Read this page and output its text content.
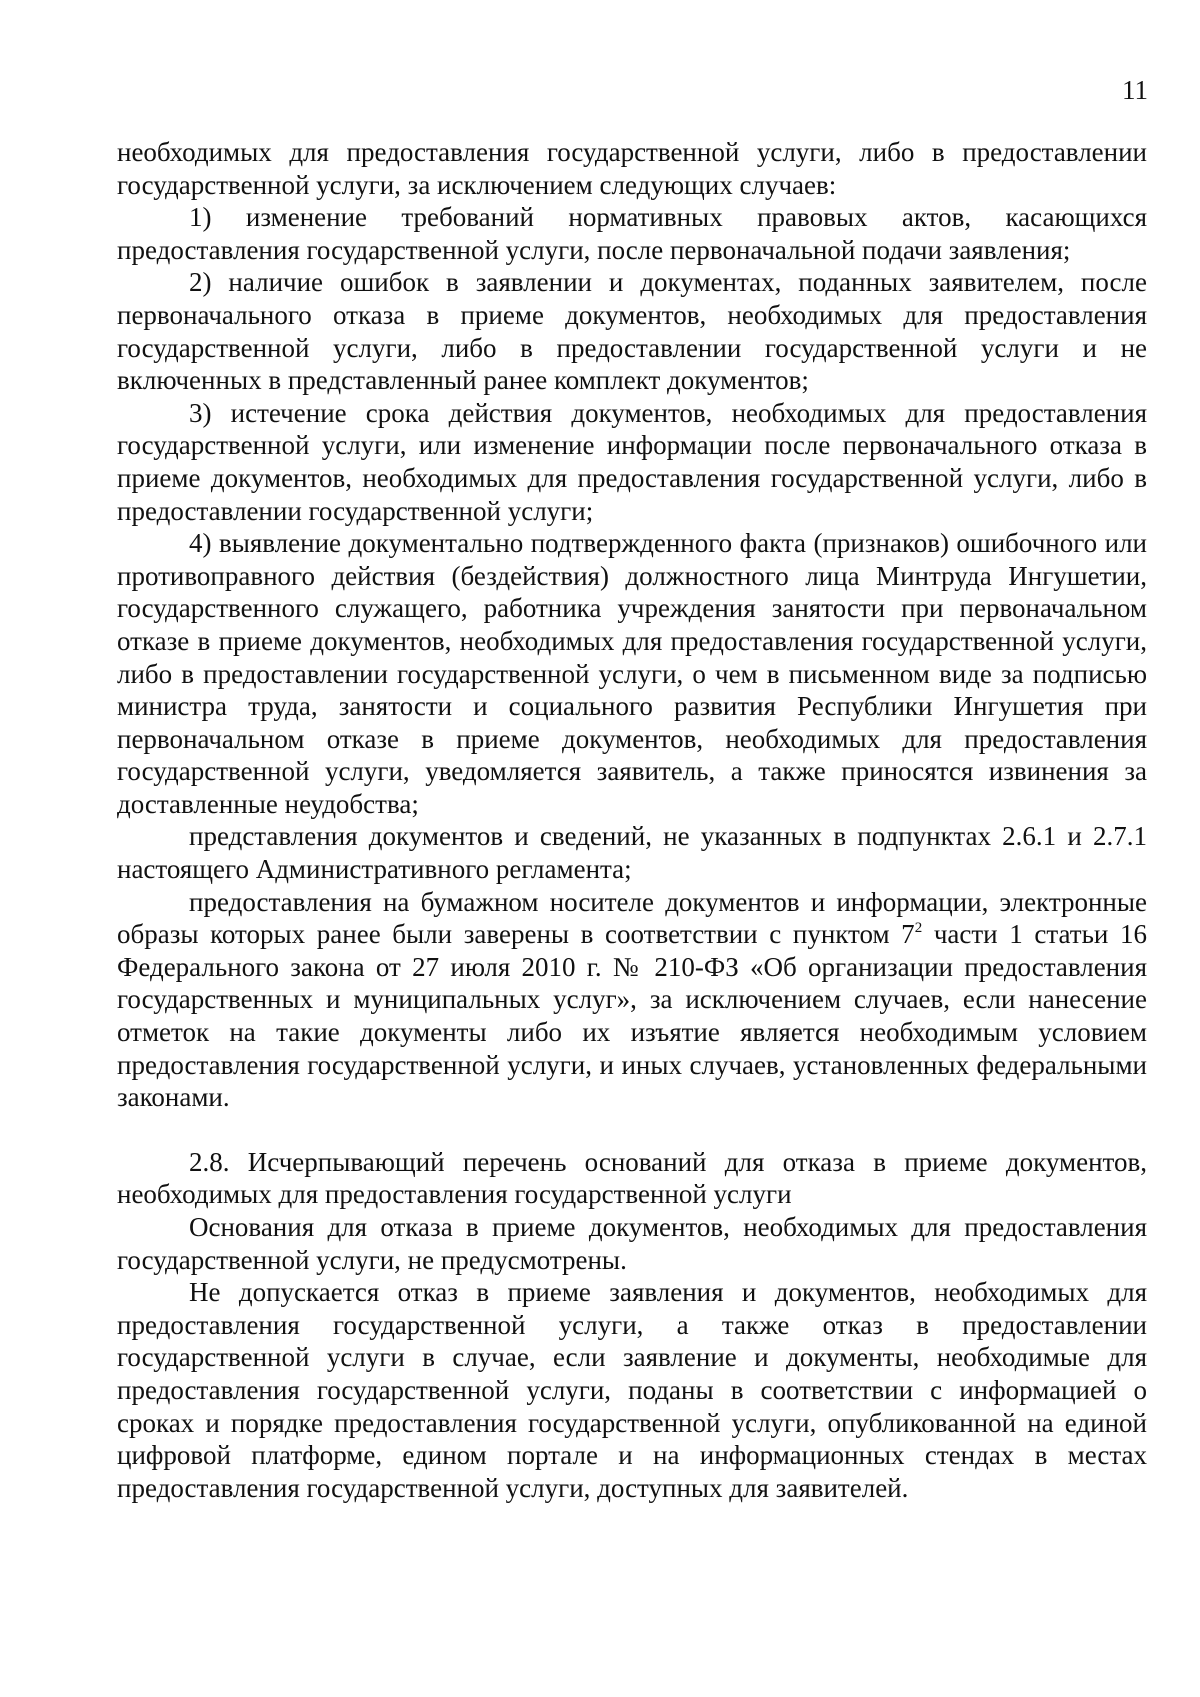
11

необходимых для предоставления государственной услуги, либо в предоставлении государственной услуги, за исключением следующих случаев:

1) изменение требований нормативных правовых актов, касающихся предоставления государственной услуги, после первоначальной подачи заявления;

2) наличие ошибок в заявлении и документах, поданных заявителем, после первоначального отказа в приеме документов, необходимых для предоставления государственной услуги, либо в предоставлении государственной услуги и не включенных в представленный ранее комплект документов;

3) истечение срока действия документов, необходимых для предоставления государственной услуги, или изменение информации после первоначального отказа в приеме документов, необходимых для предоставления государственной услуги, либо в предоставлении государственной услуги;

4) выявление документально подтвержденного факта (признаков) ошибочного или противоправного действия (бездействия) должностного лица Минтруда Ингушетии, государственного служащего, работника учреждения занятости при первоначальном отказе в приеме документов, необходимых для предоставления государственной услуги, либо в предоставлении государственной услуги, о чем в письменном виде за подписью министра труда, занятости и социального развития Республики Ингушетия при первоначальном отказе в приеме документов, необходимых для предоставления государственной услуги, уведомляется заявитель, а также приносятся извинения за доставленные неудобства;

представления документов и сведений, не указанных в подпунктах 2.6.1 и 2.7.1 настоящего Административного регламента;

предоставления на бумажном носителе документов и информации, электронные образы которых ранее были заверены в соответствии с пунктом $7^2$ части 1 статьи 16 Федерального закона от 27 июля 2010 г. № 210-ФЗ «Об организации предоставления государственных и муниципальных услуг», за исключением случаев, если нанесение отметок на такие документы либо их изъятие является необходимым условием предоставления государственной услуги, и иных случаев, установленных федеральными законами.

2.8. Исчерпывающий перечень оснований для отказа в приеме документов, необходимых для предоставления государственной услуги

Основания для отказа в приеме документов, необходимых для предоставления государственной услуги, не предусмотрены.

Не допускается отказ в приеме заявления и документов, необходимых для предоставления государственной услуги, а также отказ в предоставлении государственной услуги в случае, если заявление и документы, необходимые для предоставления государственной услуги, поданы в соответствии с информацией о сроках и порядке предоставления государственной услуги, опубликованной на единой цифровой платформе, едином портале и на информационных стендах в местах предоставления государственной услуги, доступных для заявителей.
